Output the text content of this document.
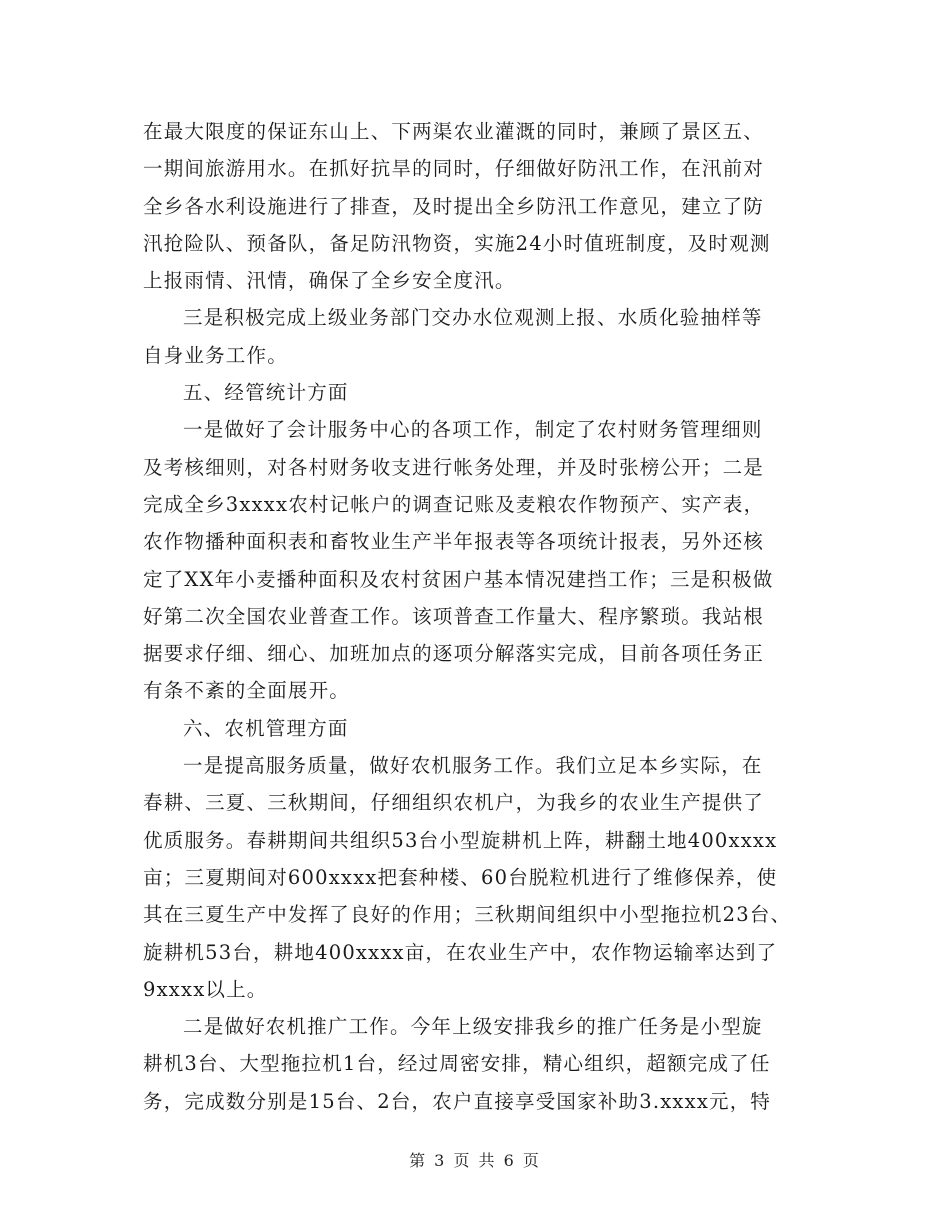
在最大限度的保证东山上、下两渠农业灌溉的同时，兼顾了景区五、
一期间旅游用水。在抓好抗旱的同时，仔细做好防汛工作，在汛前对
全乡各水利设施进行了排查，及时提出全乡防汛工作意见，建立了防
汛抢险队、预备队，备足防汛物资，实施24小时值班制度，及时观测
上报雨情、汛情，确保了全乡安全度汛。
三是积极完成上级业务部门交办水位观测上报、水质化验抽样等
自身业务工作。
五、经管统计方面
一是做好了会计服务中心的各项工作，制定了农村财务管理细则
及考核细则，对各村财务收支进行帐务处理，并及时张榜公开；二是
完成全乡3xxxx农村记帐户的调查记账及麦粮农作物预产、实产表，
农作物播种面积表和畜牧业生产半年报表等各项统计报表，另外还核
定了XX年小麦播种面积及农村贫困户基本情况建挡工作；三是积极做
好第二次全国农业普查工作。该项普查工作量大、程序繁琐。我站根
据要求仔细、细心、加班加点的逐项分解落实完成，目前各项任务正
有条不紊的全面展开。
六、农机管理方面
一是提高服务质量，做好农机服务工作。我们立足本乡实际，在
春耕、三夏、三秋期间，仔细组织农机户，为我乡的农业生产提供了
优质服务。春耕期间共组织53台小型旋耕机上阵，耕翻土地400xxxx
亩；三夏期间对600xxxx把套种楼、60台脱粒机进行了维修保养，使
其在三夏生产中发挥了良好的作用；三秋期间组织中小型拖拉机23台、
旋耕机53台，耕地400xxxx亩，在农业生产中，农作物运输率达到了
9xxxx以上。
二是做好农机推广工作。今年上级安排我乡的推广任务是小型旋
耕机3台、大型拖拉机1台，经过周密安排，精心组织，超额完成了任
务，完成数分别是15台、2台，农户直接享受国家补助3.xxxx元，特
第 3 页 共 6 页
